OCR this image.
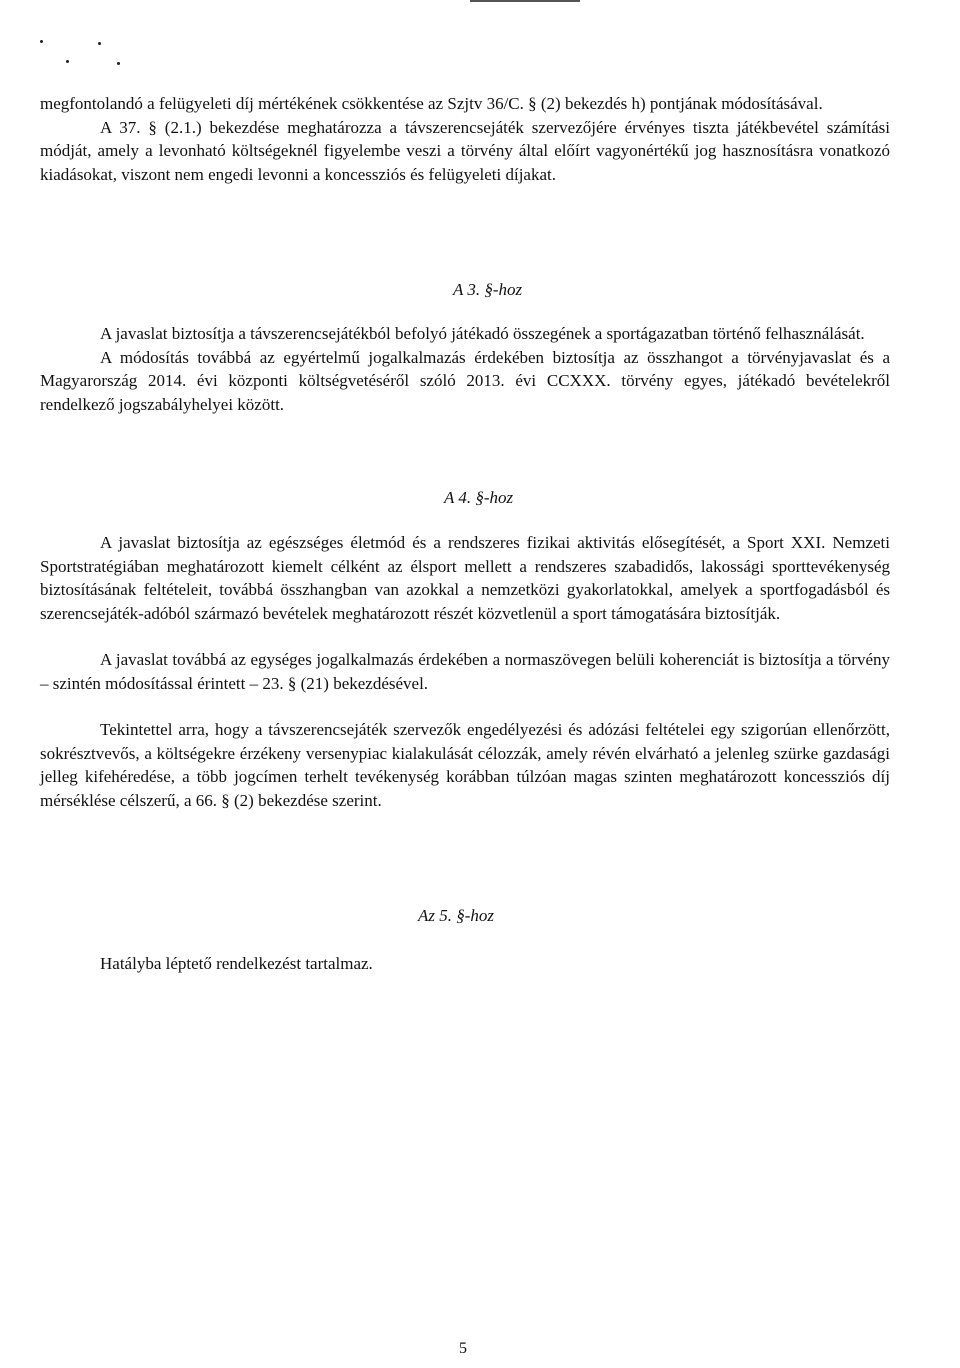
megfontolandó a felügyeleti díj mértékének csökkentése az Szjtv 36/C. § (2) bekezdés h) pontjának módosításával.

A 37. § (2.1.) bekezdése meghatározza a távszerencsejáték szervezőjére érvényes tiszta játékbevétel számítási módját, amely a levonható költségeknél figyelembe veszi a törvény által előírt vagyonértékű jog hasznosításra vonatkozó kiadásokat, viszont nem engedi levonni a koncessziós és felügyeleti díjakat.

A 3. §-hoz

A javaslat biztosítja a távszerencsejátékból befolyó játékadó összegének a sportágazatban történő felhasználását.

A módosítás továbbá az egyértelmű jogalkalmazás érdekében biztosítja az összhangot a törvényjavaslat és a Magyarország 2014. évi központi költségvetéséről szóló 2013. évi CCXXX. törvény egyes, játékadó bevételekről rendelkező jogszabályhelyei között.

A 4. §-hoz

A javaslat biztosítja az egészséges életmód és a rendszeres fizikai aktivitás elősegítését, a Sport XXI. Nemzeti Sportstratégiában meghatározott kiemelt célként az élsport mellett a rendszeres szabadidős, lakossági sporttevékenység biztosításának feltételeit, továbbá összhangban van azokkal a nemzetközi gyakorlatokkal, amelyek a sportfogadásból és szerencsejáték-adóból származó bevételek meghatározott részét közvetlenül a sport támogatására biztosítják.

A javaslat továbbá az egységes jogalkalmazás érdekében a normaszövegen belüli koherenciát is biztosítja a törvény – szintén módosítással érintett – 23. § (21) bekezdésével.

Tekintettel arra, hogy a távszerencsejáték szervezők engedélyezési és adózási feltételei egy szigorúan ellenőrzött, sokrésztvevős, a költségekre érzékeny versenypiac kialakulását célozzák, amely révén elvárható a jelenleg szürke gazdasági jelleg kifehéredése, a több jogcímen terhelt tevékenység korábban túlzóan magas szinten meghatározott koncessziós díj mérséklése célszerű, a 66. § (2) bekezdése szerint.

Az 5. §-hoz

Hatályba léptető rendelkezést tartalmaz.

5
